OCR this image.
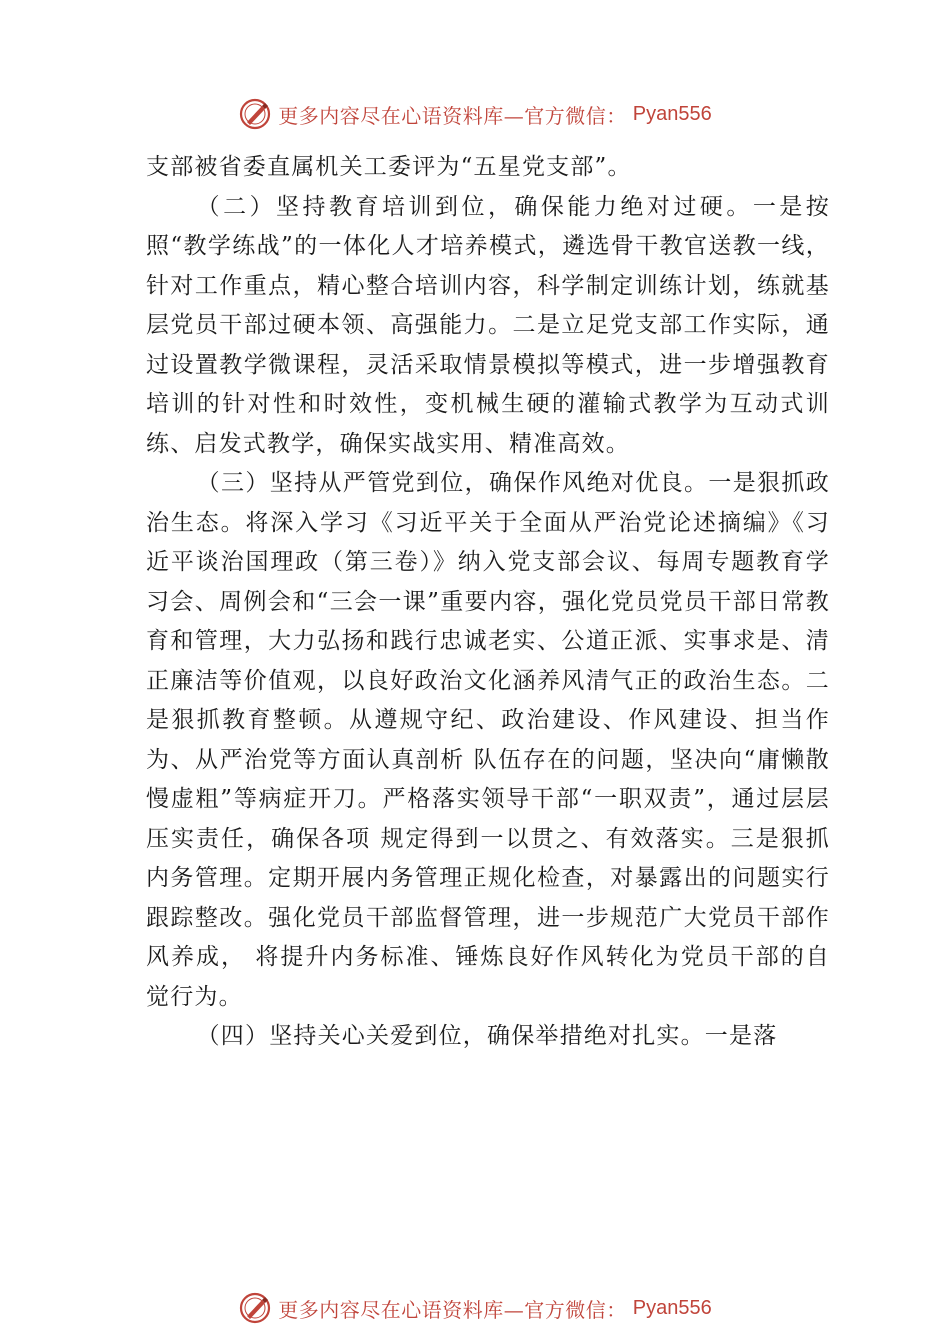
更多内容尽在心语资料库—官方微信： Pyan556

支部被省委直属机关工委评为“五星党支部”。

（二）坚持教育培训到位，确保能力绝对过硬。一是按照“教学练战”的一体化人才培养模式，遴选骨干教官送教一线，针对工作重点，精心整合培训内容，科学制定训练计划，练就基层党员干部过硬本领、高强能力。二是立足党支部工作实际，通过设置教学微课程，灵活采取情景模拟等模式，进一步增强教育培训的针对性和时效性，变机械生硬的灌输式教学为互动式训练、启发式教学，确保实战实用、精准高效。

（三）坚持从严管党到位，确保作风绝对优良。一是狠抓政治生态。将深入学习《习近平关于全面从严治党论述摘编》《习近平谈治国理政（第三卷）》纳入党支部会议、每周专题教育学习会、周例会和“三会一课”重要内容，强化党员党员干部日常教育和管理，大力弘扬和践行忠诚老实、公道正派、实事求是、清正廉洁等价值观，以良好政治文化涵养风清气正的政治生态。二是狠抓教育整顿。从遵规守纪、政治建设、作风建设、担当作为、从严治党等方面认真剖析 队伍存在的问题，坚决向“庸懒散慢虚粗”等病症开刀。严格落实领导干部“一职双责”，通过层层压实责任，确保各项 规定得到一以贯之、有效落实。三是狠抓内务管理。定期开展内务管理正规化检查，对暴露出的问题实行跟踪整改。强化党员干部监督管理，进一步规范广大党员干部作风养成， 将提升内务标准、锤炼良好作风转化为党员干部的自觉行为。

（四）坚持关心关爱到位，确保举措绝对扎实。一是落

更多内容尽在心语资料库—官方微信： Pyan556
